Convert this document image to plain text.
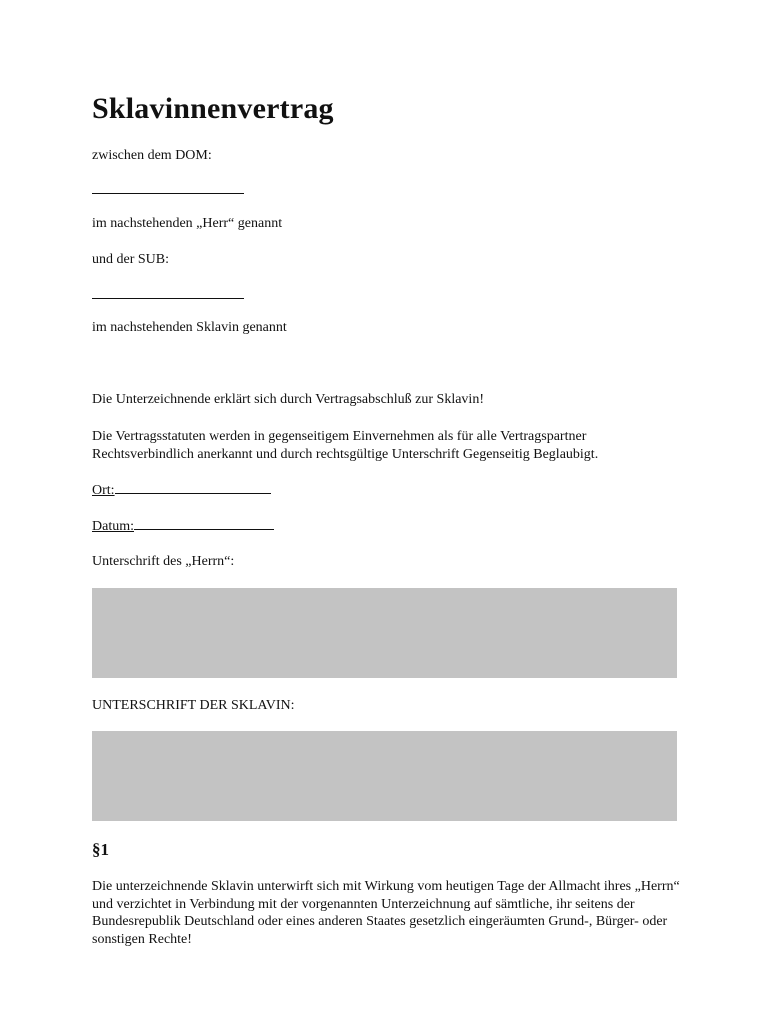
Sklavinnenvertrag
zwischen dem DOM:
im nachstehenden „Herr“ genannt
und der SUB:
im nachstehenden Sklavin genannt
Die Unterzeichnende erklärt sich durch Vertragsabschluß zur Sklavin!
Die Vertragsstatuten werden in gegenseitigem Einvernehmen als für alle Vertragspartner Rechtsverbindlich anerkannt und durch rechtsgültige Unterschrift Gegenseitig Beglaubigt.
Ort:
Datum:
Unterschrift des „Herrn“:
UNTERSCHRIFT DER SKLAVIN:
§1
Die unterzeichnende Sklavin unterwirft sich mit Wirkung vom heutigen Tage der Allmacht ihres „Herrn“ und verzichtet in Verbindung mit der vorgenannten Unterzeichnung auf sämtliche, ihr seitens der Bundesrepublik Deutschland oder eines anderen Staates gesetzlich eingeräumten Grund-, Bürger- oder sonstigen Rechte!
